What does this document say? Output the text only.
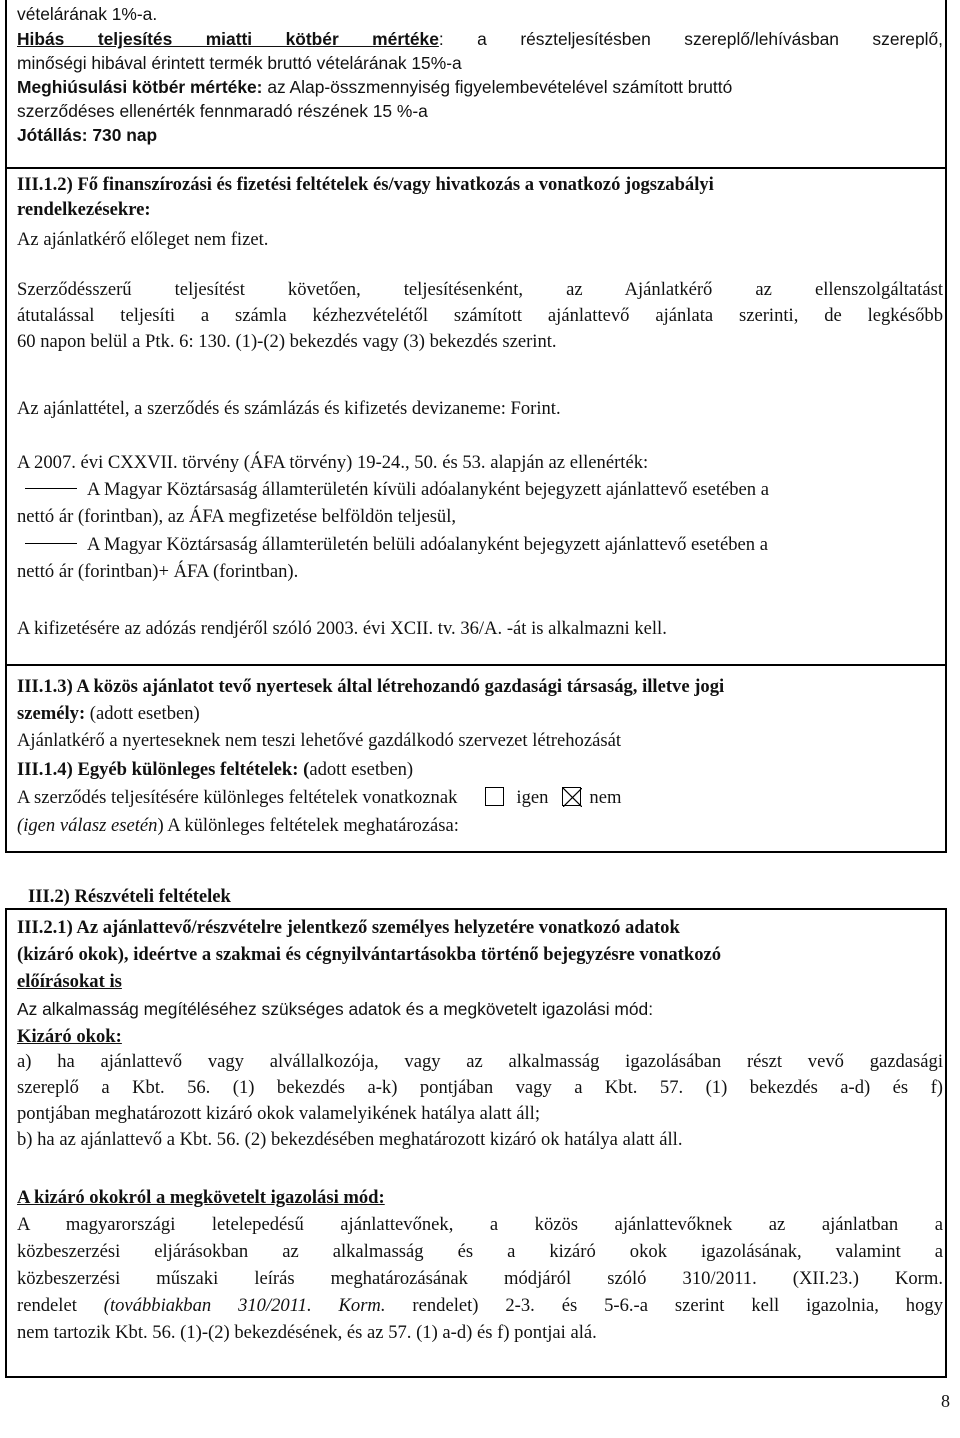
vételárának 1%-a.
Hibás teljesítés miatti kötbér mértéke: a részteljesítésben szereplő/lehívásban szereplő,
minőségi hibával érintett termék bruttó vételárának 15%-a
Meghiúsulási kötbér mértéke: az Alap-összmennyiség figyelembevételével számított bruttó
szerződéses ellenérték fennmaradó részének 15 %-a
Jótállás: 730 nap
III.1.2) Fő finanszírozási és fizetési feltételek és/vagy hivatkozás a vonatkozó jogszabályi
rendelkezésekre:
Az ajánlatkérő előleget nem fizet.
Szerződésszerű teljesítést követően, teljesítésenként, az Ajánlatkérő az ellenszolgáltatást
átutalással teljesíti a számla kézhezvételétől számított ajánlattevő ajánlata szerinti, de legkésőbb
60 napon belül a Ptk. 6: 130. (1)-(2) bekezdés vagy (3) bekezdés szerint.
Az ajánlattétel, a szerződés és számlázás és kifizetés devizaneme: Forint.
A 2007. évi CXXVII. törvény (ÁFA törvény) 19-24., 50. és 53. alapján az ellenérték:
A Magyar Köztársaság államterületén kívüli adóalanyként bejegyzett ajánlattevő esetében a
nettó ár (forintban), az ÁFA megfizetése belföldön teljesül,
A Magyar Köztársaság államterületén belüli adóalanyként bejegyzett ajánlattevő esetében a
nettó ár (forintban)+ ÁFA (forintban).
A kifizetésére az adózás rendjéről szóló 2003. évi XCII. tv. 36/A. -át is alkalmazni kell.
III.1.3) A közös ajánlatot tevő nyertesek által létrehozandó gazdasági társaság, illetve jogi
személy: (adott esetben)
Ajánlatkérő a nyerteseknek nem teszi lehetővé gazdálkodó szervezet létrehozását
III.1.4) Egyéb különleges feltételek: (adott esetben)
A szerződés teljesítésére különleges feltételek vonatkoznak	igen nem
(igen válasz esetén) A különleges feltételek meghatározása:
III.2) Részvételi feltételek
III.2.1) Az ajánlattevő/részvételre jelentkező személyes helyzetére vonatkozó adatok
(kizáró okok), ideértve a szakmai és cégnyilvántartásokba történő bejegyzésre vonatkozó
előírásokat is
Az alkalmasság megítéléséhez szükséges adatok és a megkövetelt igazolási mód:
Kizáró okok:
a) ha ajánlattevő vagy alvállalkozója, vagy az alkalmasság igazolásában részt vevő gazdasági
szereplő a Kbt. 56. (1) bekezdés a-k) pontjában vagy a Kbt. 57. (1) bekezdés a-d) és f)
pontjában meghatározott kizáró okok valamelyikének hatálya alatt áll;
b) ha az ajánlattevő a Kbt. 56. (2) bekezdésében meghatározott kizáró ok hatálya alatt áll.
A kizáró okokról a megkövetelt igazolási mód:
A magyarországi letelepedésű ajánlattevőnek, a közös ajánlattevőknek az ajánlatban a
közbeszerzési eljárásokban az alkalmasság és a kizáró okok igazolásának, valamint a
közbeszerzési műszaki leírás meghatározásának módjáról szóló 310/2011. (XII.23.) Korm.
rendelet (továbbiakban 310/2011. Korm. rendelet) 2-3. és 5-6.-a szerint kell igazolnia, hogy
nem tartozik Kbt. 56. (1)-(2) bekezdésének, és az 57. (1) a-d) és f) pontjai alá.
8
